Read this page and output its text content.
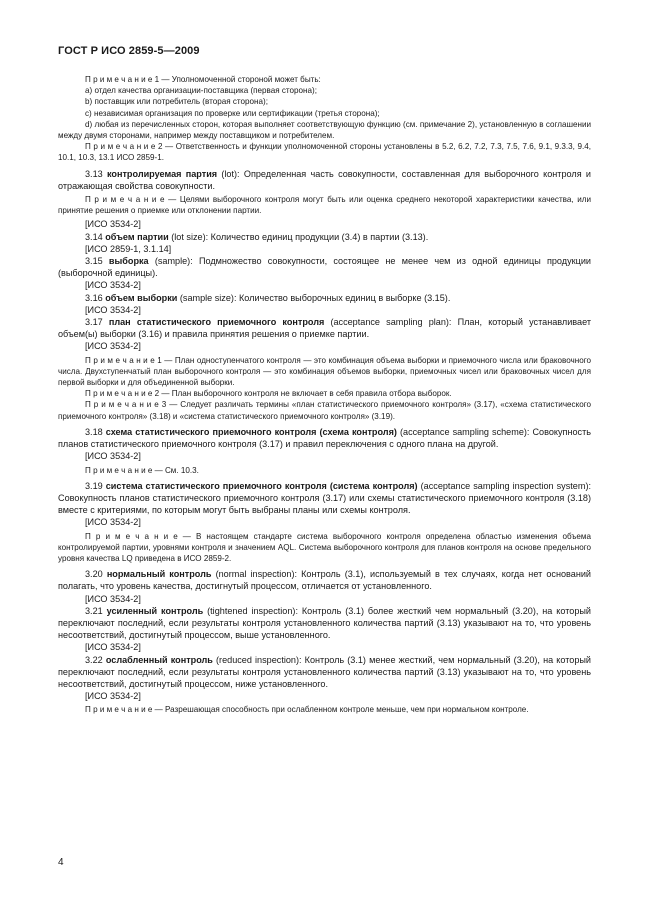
ГОСТ Р ИСО 2859-5—2009

П р и м е ч а н и е 1 — Уполномоченной стороной может быть:

a) отдел качества организации-поставщика (первая сторона);

b) поставщик или потребитель (вторая сторона);

c) независимая организация по проверке или сертификации (третья сторона);

d) любая из перечисленных сторон, которая выполняет соответствующую функцию (см. примечание 2), установленную в соглашении между двумя сторонами, например между поставщиком и потребителем.

П р и м е ч а н и е 2 — Ответственность и функции уполномоченной стороны установлены в 5.2, 6.2, 7.2, 7.3, 7.5, 7.6, 9.1, 9.3.3, 9.4, 10.1, 10.3, 13.1 ИСО 2859-1.

3.13 контролируемая партия (lot): Определенная часть совокупности, составленная для выборочного контроля и отражающая свойства совокупности.

П р и м е ч а н и е — Целями выборочного контроля могут быть или оценка среднего некоторой характеристики качества, или принятие решения о приемке или отклонении партии.

[ИСО 3534-2]

3.14 объем партии (lot size): Количество единиц продукции (3.4) в партии (3.13).

[ИСО 2859-1, 3.1.14]

3.15 выборка (sample): Подмножество совокупности, состоящее не менее чем из одной единицы продукции (выборочной единицы).

[ИСО 3534-2]

3.16 объем выборки (sample size): Количество выборочных единиц в выборке (3.15).

[ИСО 3534-2]

3.17 план статистического приемочного контроля (acceptance sampling plan): План, который устанавливает объем(ы) выборки (3.16) и правила принятия решения о приемке партии.

[ИСО 3534-2]

П р и м е ч а н и е 1 — План одноступенчатого контроля — это комбинация объема выборки и приемочного числа или браковочного числа. Двухступенчатый план выборочного контроля — это комбинация объемов выборки, приемочных чисел или браковочных чисел для первой выборки и для объединенной выборки.

П р и м е ч а н и е 2 — План выборочного контроля не включает в себя правила отбора выборок.

П р и м е ч а н и е 3 — Следует различать термины «план статистического приемочного контроля» (3.17), «схема статистического приемочного контроля» (3.18) и «система статистического приемочного контроля» (3.19).

3.18 схема статистического приемочного контроля (схема контроля) (acceptance sampling scheme): Совокупность планов статистического приемочного контроля (3.17) и правил переключения с одного плана на другой.

[ИСО 3534-2]

П р и м е ч а н и е — См. 10.3.

3.19 система статистического приемочного контроля (система контроля) (acceptance sampling inspection system): Совокупность планов статистического приемочного контроля (3.17) или схемы статистического приемочного контроля (3.18) вместе с критериями, по которым могут быть выбраны планы или схемы контроля.

[ИСО 3534-2]

П р и м е ч а н и е — В настоящем стандарте система выборочного контроля определена областью изменения объема контролируемой партии, уровнями контроля и значением AQL. Система выборочного контроля для планов контроля на основе предельного уровня качества LQ приведена в ИСО 2859-2.

3.20 нормальный контроль (normal inspection): Контроль (3.1), используемый в тех случаях, когда нет оснований полагать, что уровень качества, достигнутый процессом, отличается от установленного.

[ИСО 3534-2]

3.21 усиленный контроль (tightened inspection): Контроль (3.1) более жесткий чем нормальный (3.20), на который переключают последний, если результаты контроля установленного количества партий (3.13) указывают на то, что уровень несоответствий, достигнутый процессом, выше установленного.

[ИСО 3534-2]

3.22 ослабленный контроль (reduced inspection): Контроль (3.1) менее жесткий, чем нормальный (3.20), на который переключают последний, если результаты контроля установленного количества партий (3.13) указывают на то, что уровень несоответствий, достигнутый процессом, ниже установленного.

[ИСО 3534-2]

П р и м е ч а н и е — Разрешающая способность при ослабленном контроле меньше, чем при нормальном контроле.

4
